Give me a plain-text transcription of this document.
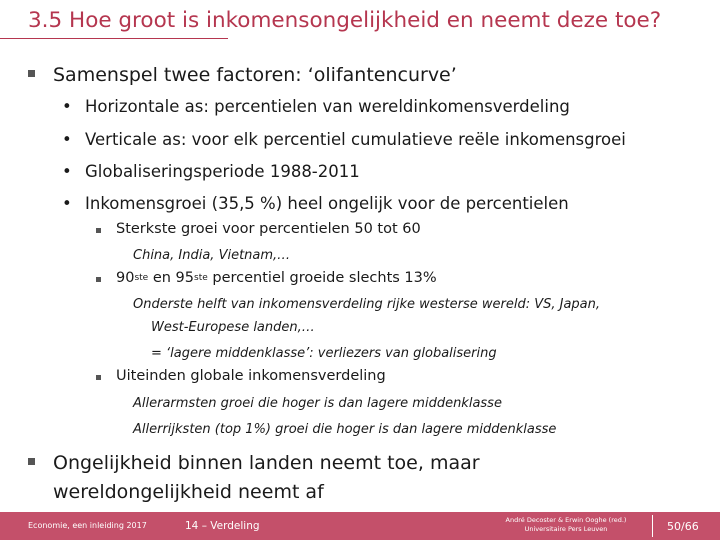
3.5 Hoe groot is inkomensongelijkheid en neemt deze toe?
Samenspel twee factoren: ‘olifantencurve’
• Horizontale as: percentielen van wereldinkomensverdeling
• Verticale as: voor elk percentiel cumulatieve reële inkomensgroei
• Globaliseringsperiode 1988-2011
• Inkomensgroei (35,5 %) heel ongelijk voor de percentielen
Sterkste groei voor percentielen 50 tot 60
China, India, Vietnam,…
90ste en 95ste percentiel groeide slechts 13%
Onderste helft van inkomensverdeling rijke westerse wereld: VS, Japan,
West-Europese landen,…
= ‘lagere middenklasse’: verliezers van globalisering
Uiteinden globale inkomensverdeling
Allerarmsten groei die hoger is dan lagere middenklasse
Allerrijksten (top 1%) groei die hoger is dan lagere middenklasse
Ongelijkheid binnen landen neemt toe, maar
wereldongelijkheid neemt af
Economie, een inleiding 2017	14 – Verdeling	André Decoster & Erwin Ooghe (red.)
Universitaire Pers Leuven	50/66
